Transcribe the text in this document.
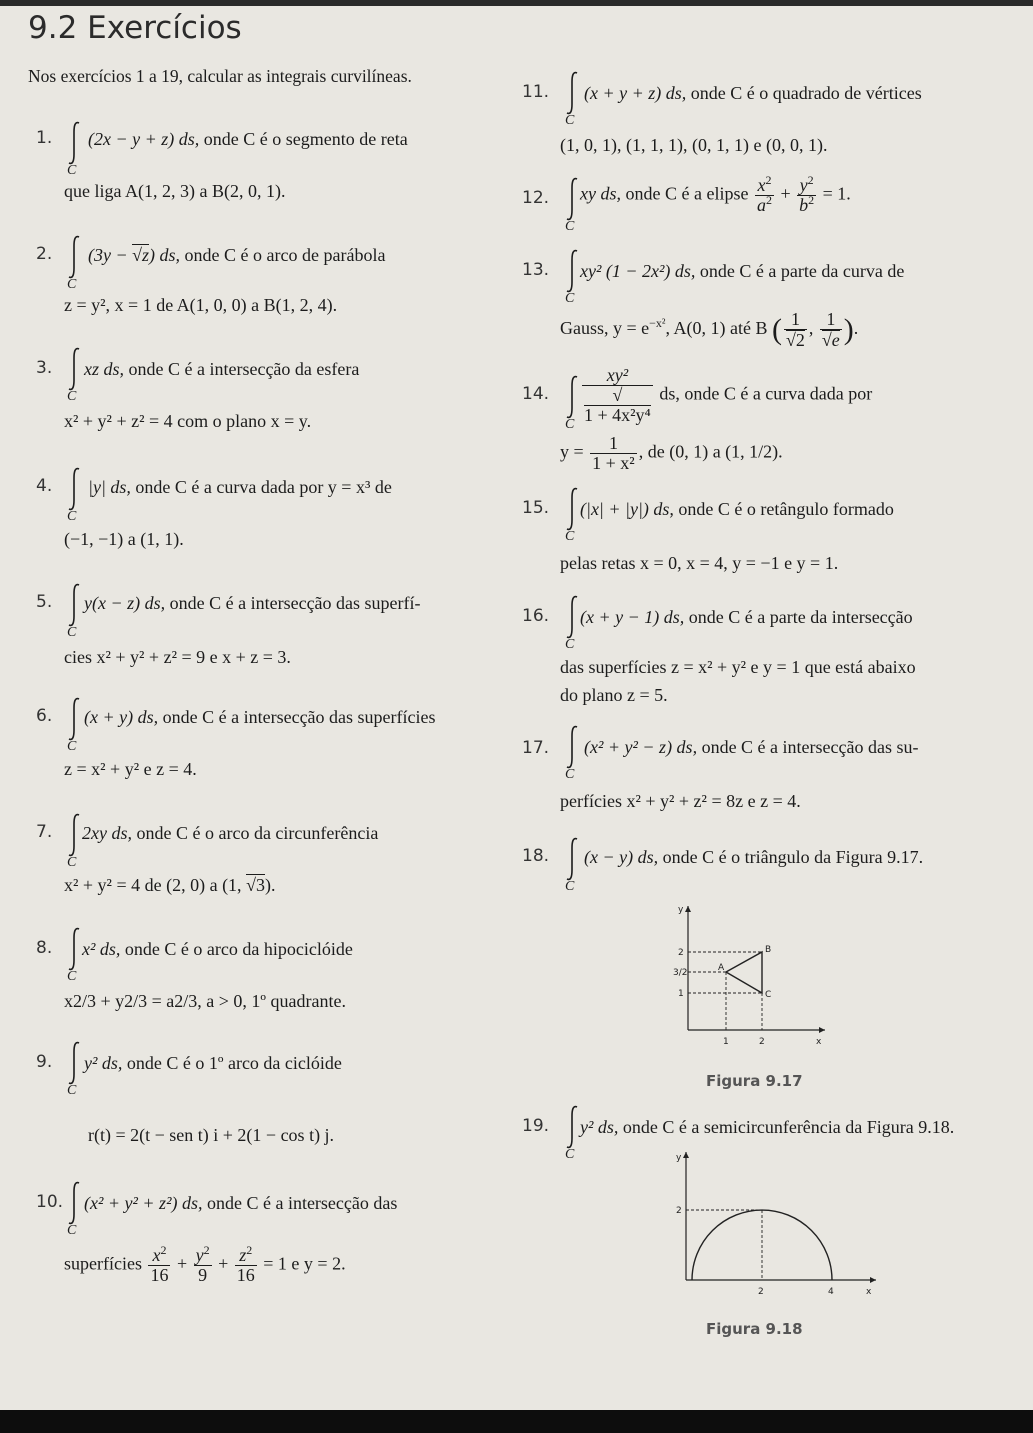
9.2 Exercícios
Nos exercícios 1 a 19, calcular as integrais curvilíneas.
1.
C
(2x − y + z) ds, onde C é o segmento de reta
que liga A(1, 2, 3) a B(2, 0, 1).
2.
C
(3y − √z) ds, onde C é o arco de parábola
z = y², x = 1 de A(1, 0, 0) a B(1, 2, 4).
3.
C
xz ds, onde C é a intersecção da esfera
x² + y² + z² = 4 com o plano x = y.
4.
C
|y| ds, onde C é a curva dada por y = x³ de
(−1, −1) a (1, 1).
5.
C
y(x − z) ds, onde C é a intersecção das superfí-
cies x² + y² + z² = 9 e x + z = 3.
6.
C
(x + y) ds, onde C é a intersecção das superfícies
z = x² + y² e z = 4.
7.
C
2xy ds, onde C é o arco da circunferência
x² + y² = 4 de (2, 0) a (1, √3).
8.
C
x² ds, onde C é o arco da hipociclóide
x2/3 + y2/3 = a2/3, a > 0, 1º quadrante.
9.
C
y² ds, onde C é o 1º arco da ciclóide
r(t) = 2(t − sen t) i + 2(1 − cos t) j.
10.
C
(x² + y² + z²) ds, onde C é a intersecção das
superfícies $\frac{x^2}{16} + \frac{y^2}{9} + \frac{z^2}{16} = 1$ e y = 2.
11.
C
(x + y + z) ds, onde C é o quadrado de vértices
(1, 0, 1), (1, 1, 1), (0, 1, 1) e (0, 0, 1).
12.
C
xy ds, onde C é a elipse $\frac{x^2}{a^2} + \frac{y^2}{b^2} = 1$.
13.
C
xy² (1 − 2x²) ds, onde C é a parte da curva de
Gauss, $y = e^{-x^2}$, A(0, 1) até B ( $\frac{1}{√2}$ , $\frac{1}{√e}$ ).
14.
C xy²
√
1 + 4x²y⁴ ds, onde C é a curva dada por
$y = \frac{1}{\text{1 + x²}}$ , de (0, 1) a (1, 1/2).
15.
C
(|x| + |y|) ds, onde C é o retângulo formado
pelas retas x = 0, x = 4, y = −1 e y = 1.
16.
C
(x + y − 1) ds, onde C é a parte da intersecção
das superfícies z = x² + y² e y = 1 que está abaixo
do plano z = 5.
17.
C
(x² + y² − z) ds, onde C é a intersecção das su-
perfícies x² + y² + z² = 8z e z = 4.
18.
C
(x − y) ds, onde C é o triângulo da Figura 9.17.
y
x
2
3/2
1
1	2
A
B
C
Figura 9.17
19.
C
y² ds, onde C é a semicircunferência da Figura 9.18.
y
x
2
2	4
Figura 9.18
